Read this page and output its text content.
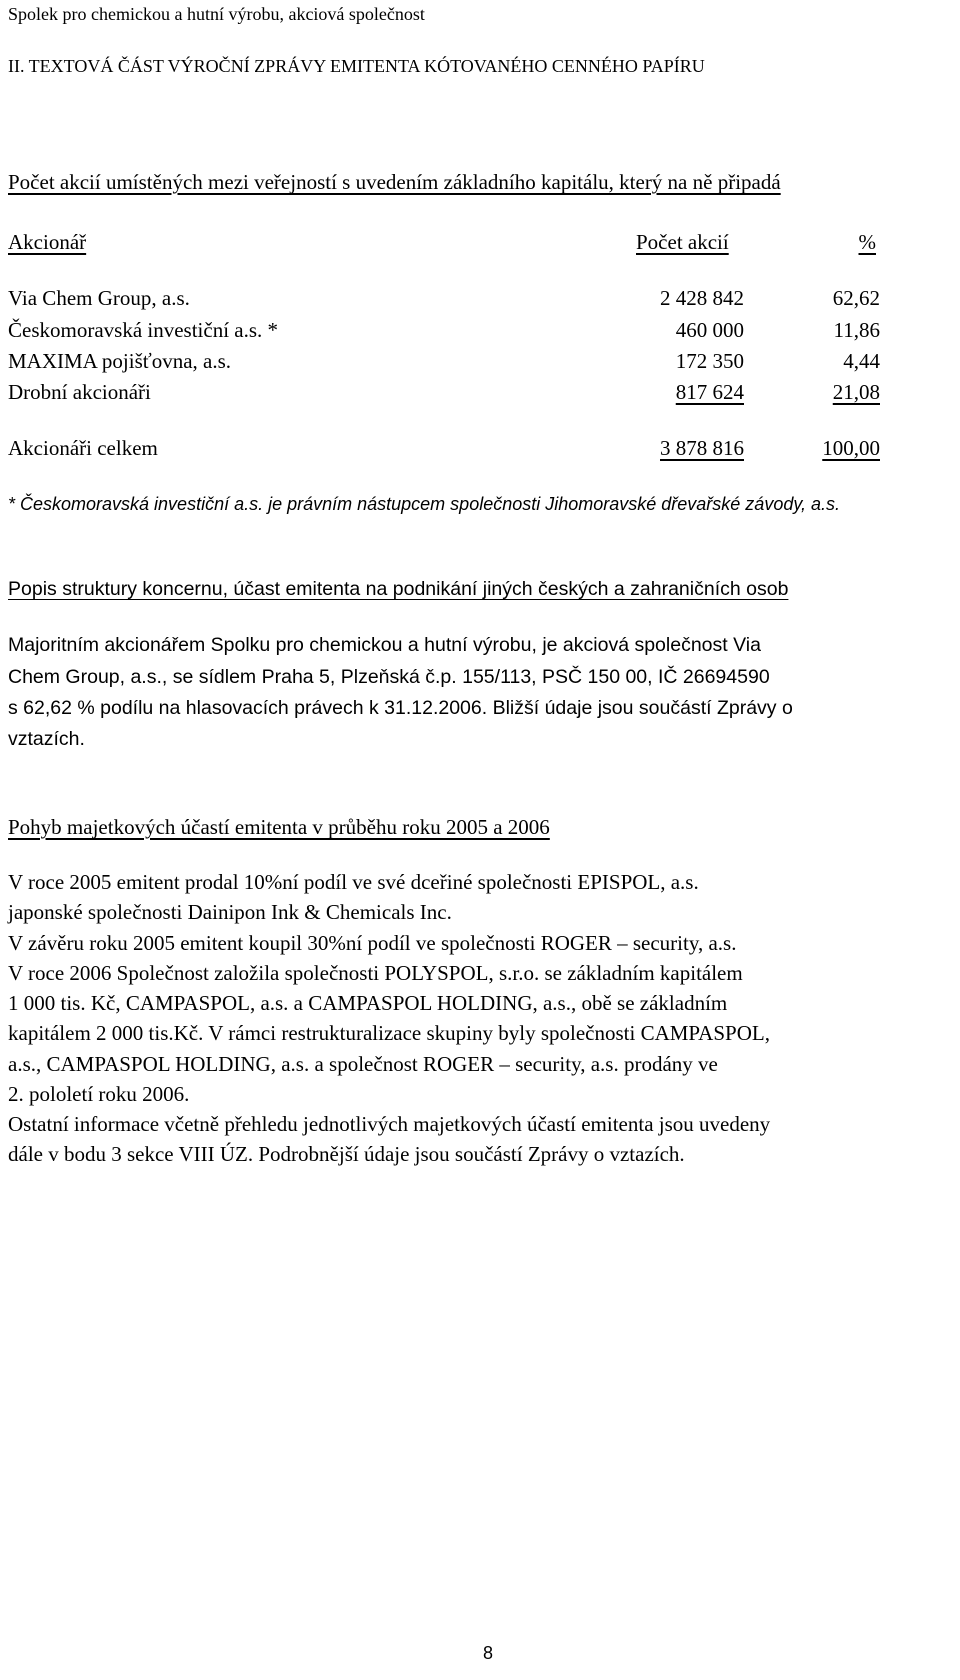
Spolek pro chemickou a hutní výrobu, akciová společnost
II. TEXTOVÁ ČÁST VÝROČNÍ ZPRÁVY EMITENTA KÓTOVANÉHO CENNÉHO PAPÍRU
Počet akcií umístěných mezi veřejností s uvedením základního kapitálu, který na ně připadá
Akcionář	Počet akcií	%
Via Chem Group, a.s.	2 428 842	62,62
Českomoravská investiční a.s. *	460 000	11,86
MAXIMA pojišťovna, a.s.	172 350	4,44
Drobní akcionáři	817 624	21,08
Akcionáři celkem	3 878 816	100,00
* Českomoravská investiční a.s. je právním nástupcem společnosti Jihomoravské dřevařské závody, a.s.
Popis struktury koncernu, účast emitenta na podnikání jiných českých a zahraničních osob
Majoritním akcionářem Spolku pro chemickou a hutní výrobu, je akciová společnost Via
Chem Group, a.s., se sídlem Praha 5, Plzeňská č.p. 155/113, PSČ 150 00, IČ 26694590
s 62,62 % podílu na hlasovacích právech k 31.12.2006. Bližší údaje jsou součástí Zprávy o
vztazích.
Pohyb majetkových účastí emitenta v průběhu roku 2005 a 2006
V roce 2005 emitent prodal 10%ní podíl ve své dceřiné společnosti EPISPOL, a.s.
japonské společnosti Dainipon Ink & Chemicals Inc.
V závěru roku 2005 emitent koupil 30%ní podíl ve společnosti ROGER – security, a.s.
V roce 2006 Společnost založila společnosti POLYSPOL, s.r.o. se základním kapitálem
1 000 tis. Kč, CAMPASPOL, a.s. a CAMPASPOL HOLDING, a.s., obě se základním
kapitálem 2 000 tis.Kč. V rámci restrukturalizace skupiny byly společnosti CAMPASPOL,
a.s., CAMPASPOL HOLDING, a.s. a společnost ROGER – security, a.s. prodány ve
2. pololetí roku 2006.
Ostatní informace včetně přehledu jednotlivých majetkových účastí emitenta jsou uvedeny
dále v bodu 3 sekce VIII ÚZ. Podrobnější údaje jsou součástí Zprávy o vztazích.
8
